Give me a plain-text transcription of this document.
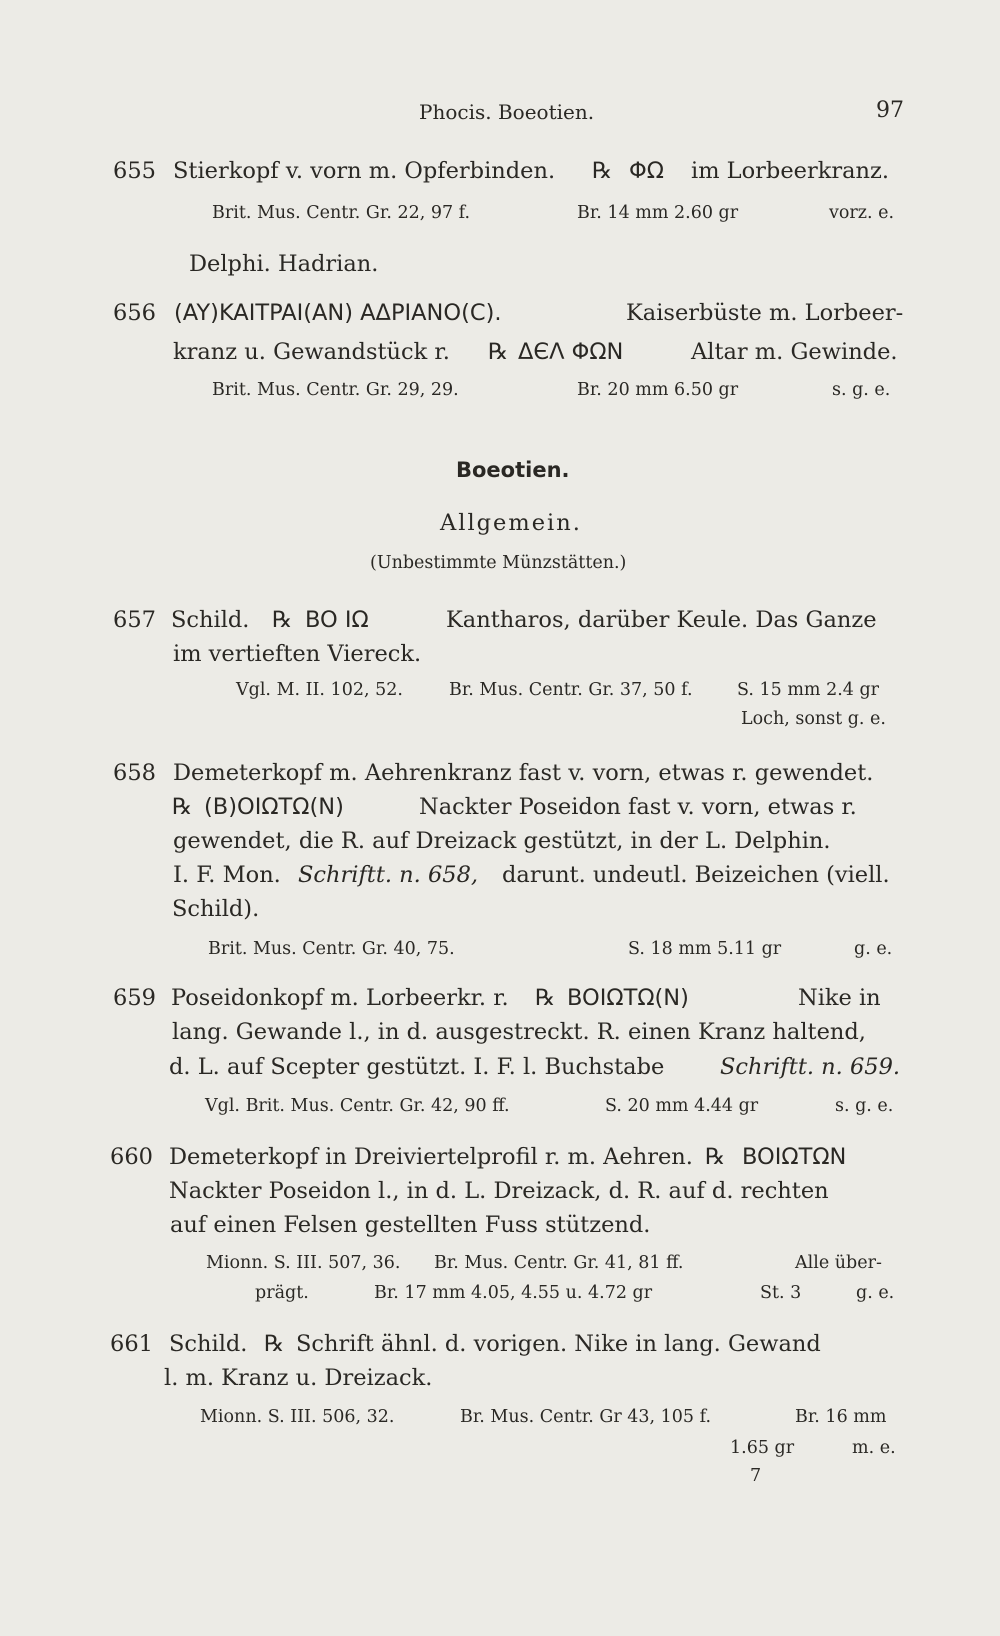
Phocis. Boeotien.	97
655 Stierkopf v. vorn m. Opferbinden. ℞ ΦΩ im Lorbeerkranz.
Brit. Mus. Centr. Gr. 22, 97 f.	Br. 14 mm 2.60 gr	vorz. e.
Delphi. Hadrian.
656 (AY)KAITPAI(AN) AΔPIANO(C).	Kaiserbüste m. Lorbeer-
kranz u. Gewandstück r. ℞ ΔЄΛ ΦΩN	Altar m. Gewinde.
Brit. Mus. Centr. Gr. 29, 29.	Br. 20 mm 6.50 gr	s. g. e.
Boeotien.
Allgemein.
(Unbestimmte Münzstätten.)
657 Schild. ℞ BO IΩ	Kantharos, darüber Keule. Das Ganze
im vertieften Viereck.
Vgl. M. II. 102, 52.	Br. Mus. Centr. Gr. 37, 50 f.	S. 15 mm 2.4 gr
Loch, sonst g. e.
658 Demeterkopf m. Aehrenkranz fast v. vorn, etwas r. gewendet.
℞ (B)OIΩTΩ(N)	Nackter Poseidon fast v. vorn, etwas r.
gewendet, die R. auf Dreizack gestützt, in der L. Delphin.
I. F. Mon. Schriftt. n. 658, darunt. undeutl. Beizeichen (viell.
Schild).
Brit. Mus. Centr. Gr. 40, 75.	S. 18 mm 5.11 gr	g. e.
659 Poseidonkopf m. Lorbeerkr. r. ℞ BOIΩTΩ(N)	Nike in
lang. Gewande l., in d. ausgestreckt. R. einen Kranz haltend,
d. L. auf Scepter gestützt. I. F. l. Buchstabe Schriftt. n. 659.
Vgl. Brit. Mus. Centr. Gr. 42, 90 ff.	S. 20 mm 4.44 gr	s. g. e.
660 Demeterkopf in Dreiviertelprofil r. m. Aehren. ℞ BOIΩTΩN
Nackter Poseidon l., in d. L. Dreizack, d. R. auf d. rechten
auf einen Felsen gestellten Fuss stützend.
Mionn. S. III. 507, 36. Br. Mus. Centr. Gr. 41, 81 ff.	Alle über-
prägt.	Br. 17 mm 4.05, 4.55 u. 4.72 gr	St. 3	g. e.
661 Schild. ℞ Schrift ähnl. d. vorigen. Nike in lang. Gewand
l. m. Kranz u. Dreizack.
Mionn. S. III. 506, 32.	Br. Mus. Centr. Gr 43, 105 f.	Br. 16 mm
1.65 gr	m. e.
7
